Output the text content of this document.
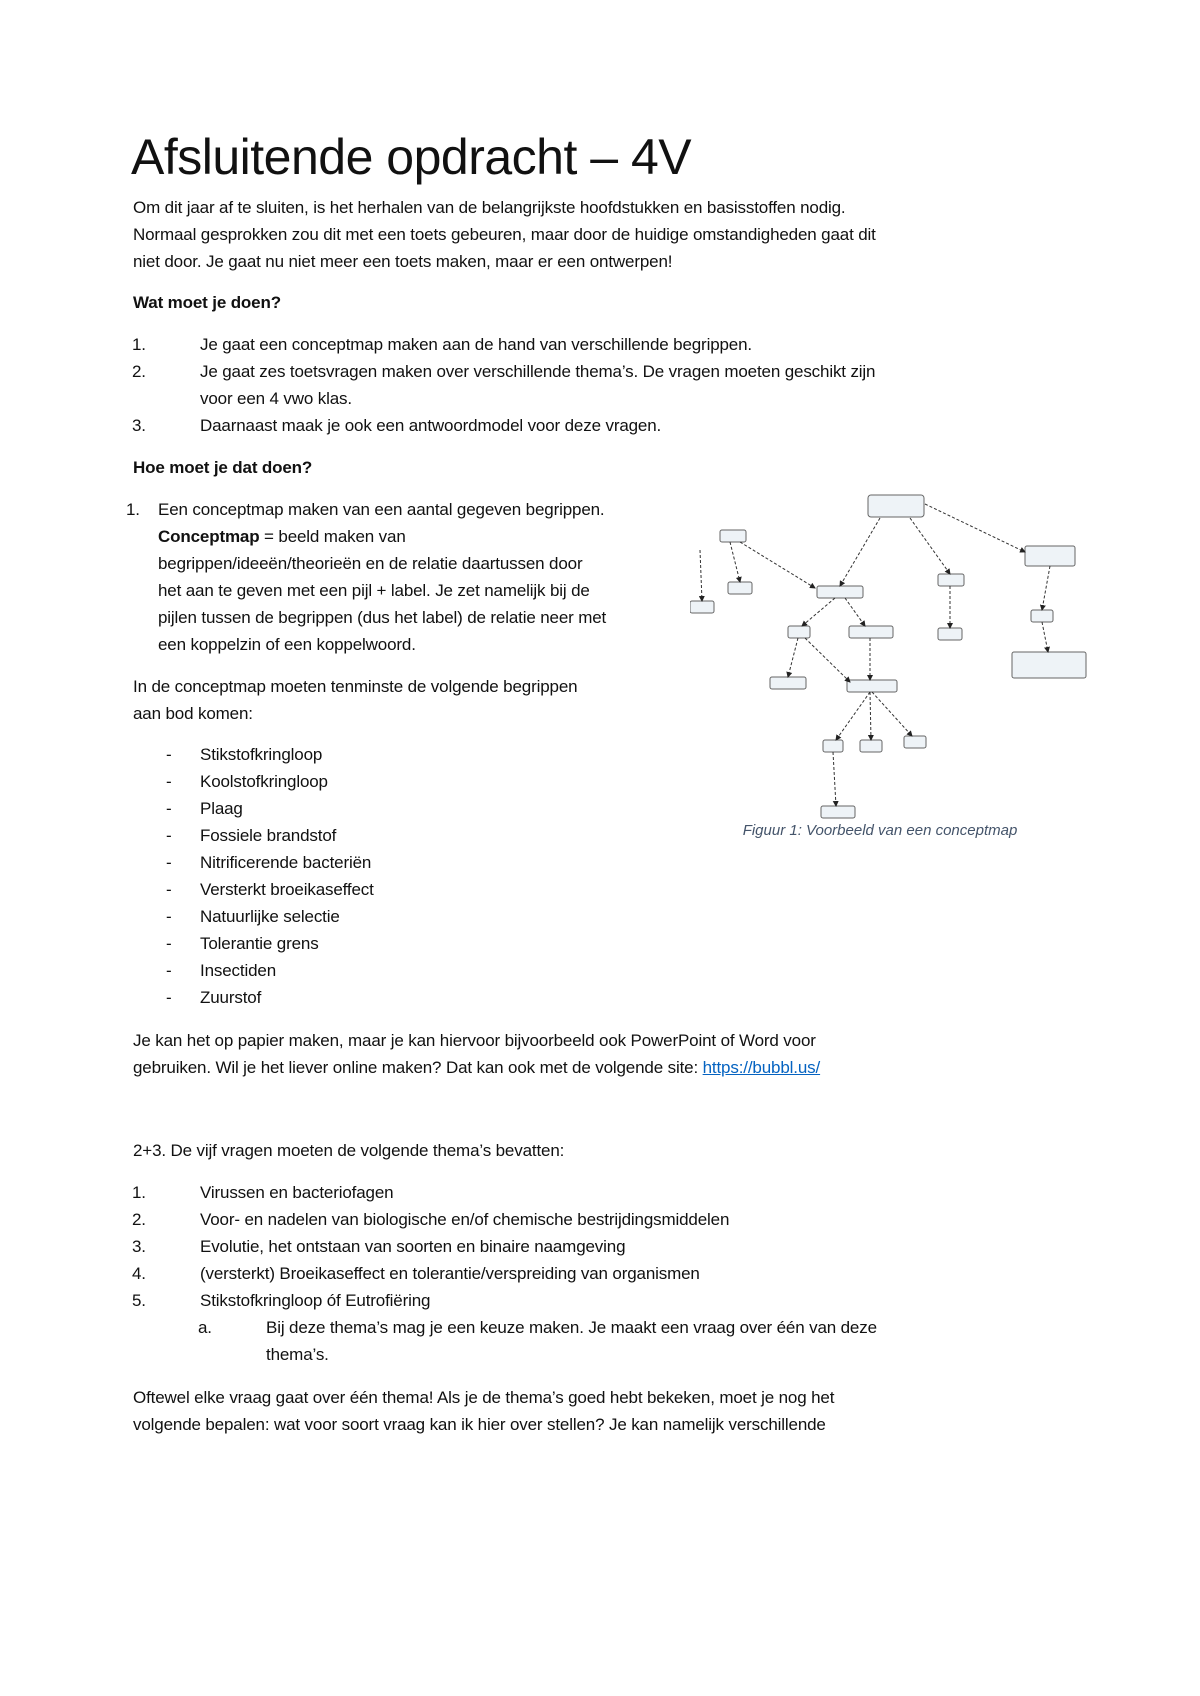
Afsluitende opdracht – 4V
Om dit jaar af te sluiten, is het herhalen van de belangrijkste hoofdstukken en basisstoffen nodig.
Normaal gesprokken zou dit met een toets gebeuren, maar door de huidige omstandigheden gaat dit
niet door. Je gaat nu niet meer een toets maken, maar er een ontwerpen!
Wat moet je doen?
1.	Je gaat een conceptmap maken aan de hand van verschillende begrippen.
2.	Je gaat zes toetsvragen maken over verschillende thema’s. De vragen moeten geschikt zijn
voor een 4 vwo klas.
3.	Daarnaast maak je ook een antwoordmodel voor deze vragen.
Hoe moet je dat doen?
1. Een conceptmap maken van een aantal gegeven begrippen.
Conceptmap = beeld maken van
begrippen/ideeën/theorieën en de relatie daartussen door
het aan te geven met een pijl + label. Je zet namelijk bij de
pijlen tussen de begrippen (dus het label) de relatie neer met
een koppelzin of een koppelwoord.
In de conceptmap moeten tenminste de volgende begrippen
aan bod komen:
- Stikstofkringloop
- Koolstofkringloop
- Plaag
- Fossiele brandstof
- Nitrificerende bacteriën
- Versterkt broeikaseffect
- Natuurlijke selectie
- Tolerantie grens
- Insectiden
- Zuurstof
Je kan het op papier maken, maar je kan hiervoor bijvoorbeeld ook PowerPoint of Word voor
gebruiken. Wil je het liever online maken? Dat kan ook met de volgende site: https://bubbl.us/
2+3. De vijf vragen moeten de volgende thema’s bevatten:
1.	Virussen en bacteriofagen
2.	Voor- en nadelen van biologische en/of chemische bestrijdingsmiddelen
3.	Evolutie, het ontstaan van soorten en binaire naamgeving
4.	(versterkt) Broeikaseffect en tolerantie/verspreiding van organismen
5.	Stikstofkringloop óf Eutrofiëring
a.	Bij deze thema’s mag je een keuze maken. Je maakt een vraag over één van deze
thema’s.
Oftewel elke vraag gaat over één thema! Als je de thema’s goed hebt bekeken, moet je nog het
volgende bepalen: wat voor soort vraag kan ik hier over stellen? Je kan namelijk verschillende
Figuur 1: Voorbeeld van een conceptmap
